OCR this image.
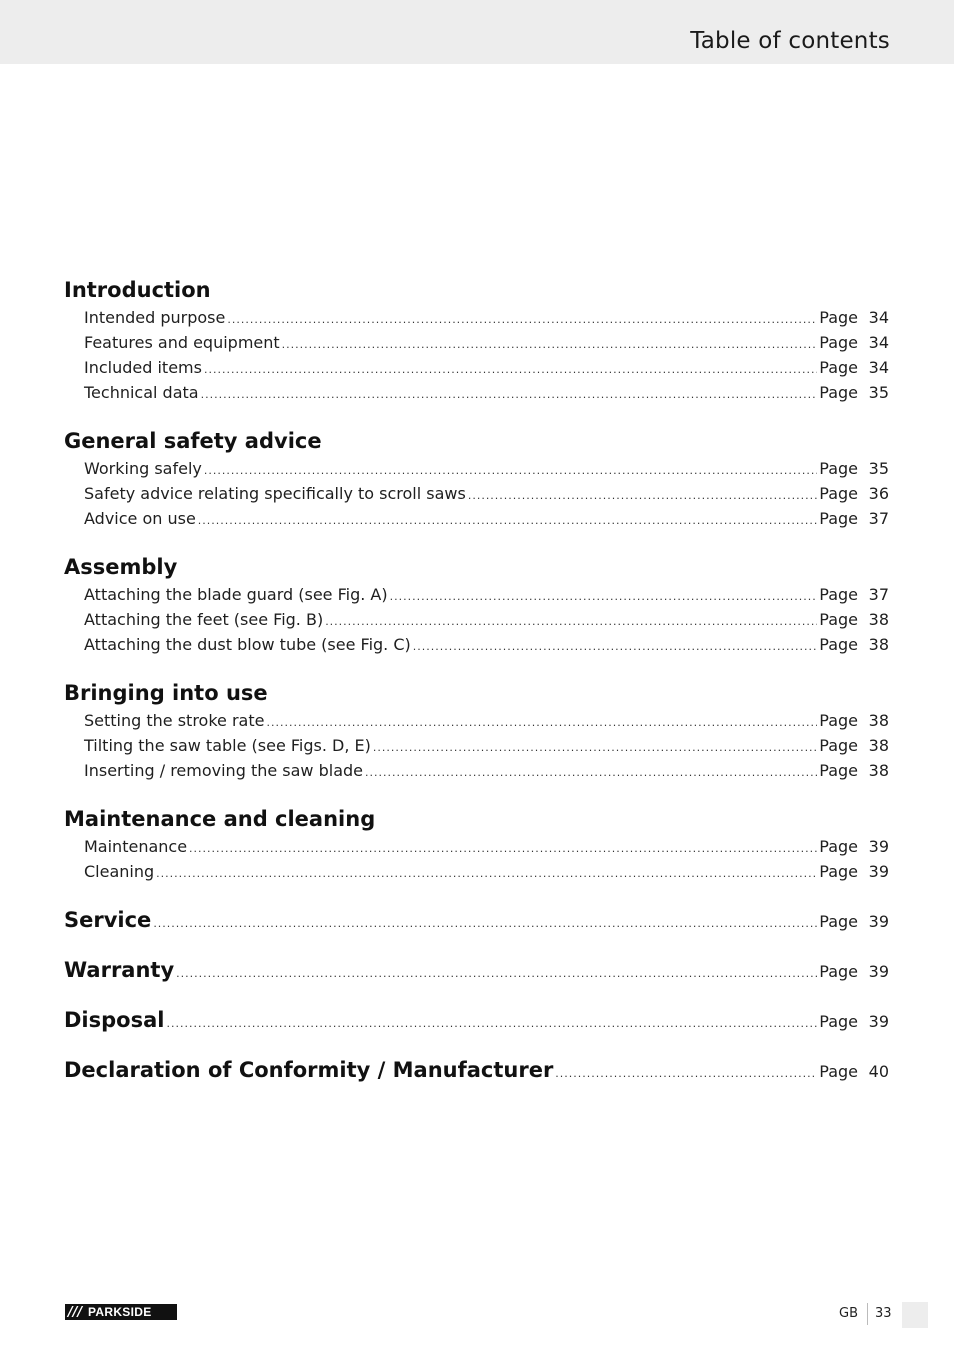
Table of contents
Introduction
Intended purpose .....	Page 34
Features and equipment .....	Page 34
Included items .....	Page 34
Technical data .....	Page 35
General safety advice
Working safely .....	Page 35
Safety advice relating specifically to scroll saws .....	Page 36
Advice on use .....	Page 37
Assembly
Attaching the blade guard (see Fig. A) .....	Page 37
Attaching the feet (see Fig. B) .....	Page 38
Attaching the dust blow tube (see Fig. C) .....	Page 38
Bringing into use
Setting the stroke rate .....	Page 38
Tilting the saw table (see Figs. D, E) .....	Page 38
Inserting / removing the saw blade .....	Page 38
Maintenance and cleaning
Maintenance .....	Page 39
Cleaning .....	Page 39
Service .....	Page 39
Warranty .....	Page 39
Disposal .....	Page 39
Declaration of Conformity / Manufacturer .....	Page 40
/// PARKSIDE	GB 33
